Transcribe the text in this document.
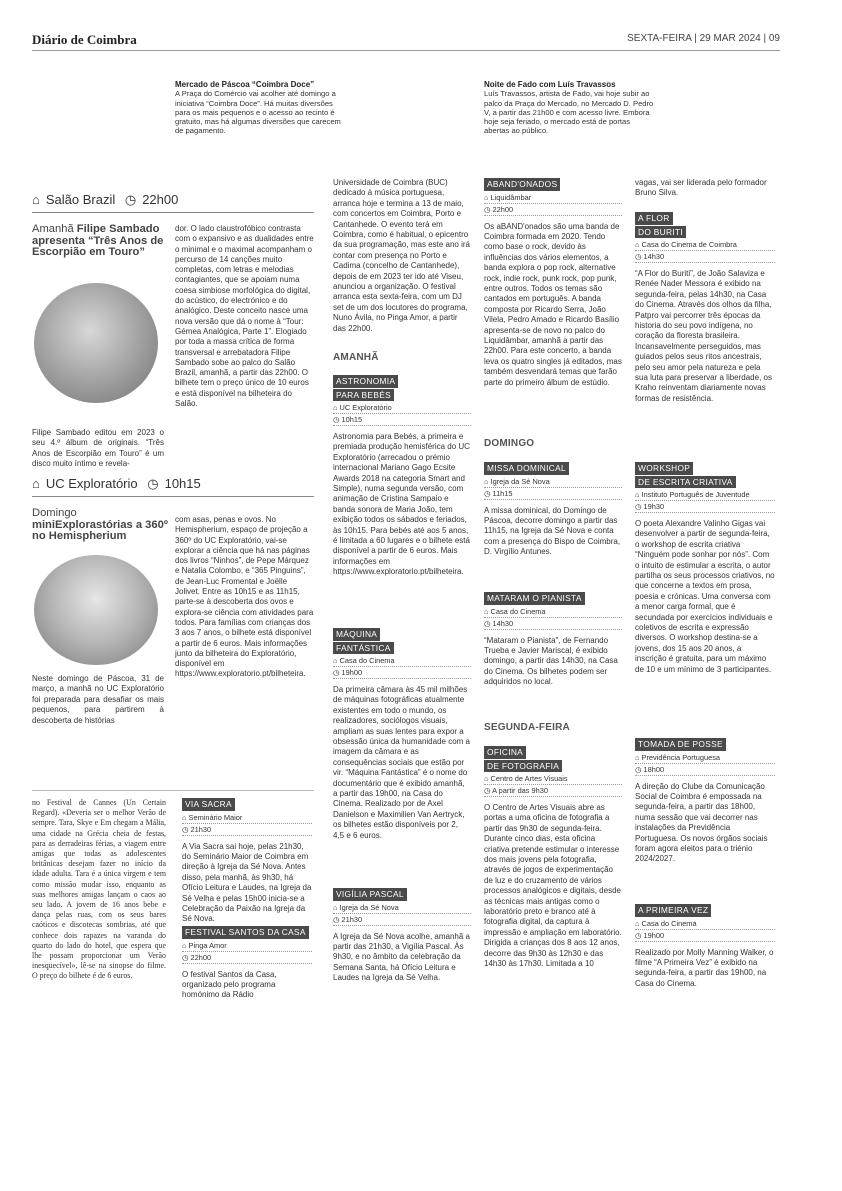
Diário de Coimbra	SEXTA-FEIRA | 29 MAR 2024 | 09
Mercado de Páscoa “Coimbra Doce”
A Praça do Comércio vai acolher até domingo a iniciativa “Coimbra Doce”. Há muitas diversões para os mais pequenos e o acesso ao recinto é gratuito, mas há algumas diversões que carecem de pagamento.
Noite de Fado com Luís Travassos
Luís Travassos, artista de Fado, vai hoje subir ao palco da Praça do Mercado, no Mercado D. Pedro V, a partir das 21h00 e com acesso livre. Embora hoje seja feriado, o mercado está de portas abertas ao público.
⌂ Salão Brazil ◷ 22h00
Amanhã Filipe Sambado apresenta “Três Anos de Escorpião em Touro”
Filipe Sambado editou em 2023 o seu 4.º álbum de originais. “Três Anos de Escorpião em Touro” é um disco muito íntimo e revela-
dor. O lado claustrofóbico contrasta com o expansivo e as dualidades entre o minimal e o maximal acompanham o percurso de 14 canções muito completas, com letras e melodias contagiantes, que se apoiam numa coesa simbiose morfológica do digital, do acústico, do electrónico e do analógico. Deste conceito nasce uma nova versão que dá o nome à “Tour: Gémea Analógica, Parte 1”. Elogiado por toda a massa crítica de forma transversal e arrebatadora Filipe Sambado sobe ao palco do Salão Brazil, amanhã, a partir das 22h00. O bilhete tem o preço único de 10 euros e está disponível na bilheteira do Salão.
⌂ UC Exploratório ◷ 10h15
Domingo
miniExplorastórias a 360º no Hemispherium
Neste domingo de Páscoa, 31 de março, a manhã no UC Exploratório foi preparada para desafiar os mais pequenos, para partirem à descoberta de histórias
com asas, penas e ovos. No Hemispherium, espaço de projeção a 360º do UC Exploratório, vai-se explorar a ciência que há nas páginas dos livros “Ninhos”, de Pepe Márquez e Natalia Colombo, e “365 Pinguins”, de Jean-Luc Fromental e Joëlle Jolivet. Entre as 10h15 e as 11h15, parte-se à descoberta dos ovos e explora-se ciência com atividades para todos. Para famílias com crianças dos 3 aos 7 anos, o bilhete está disponível a partir de 6 euros. Mais informações junto da bilheteira do Exploratório, disponível em https://www.exploratorio.pt/bilheteira.
no Festival de Cannes (Un Certain Regard). «Deveria ser o melhor Verão de sempre. Tara, Skye e Em chegam a Mália, uma cidade na Grécia cheia de festas, para as derradeiras férias, a viagem entre amigas que todas as adolescentes britânicas desejam fazer no início da idade adulta. Tara é a única virgem e tem como missão mudar isso, enquanto as suas melhores amigas lançam o caos ao seu lado. A jovem de 16 anos bebe e dança pelas ruas, com os seus bares caóticos e discotecas sombrias, até que conhece dois rapazes na varanda do quarto do lado do hotel, que espera que lhe possam proporcionar um Verão inesquecível», lê-se na sinopse do filme. O preço do bilhete é de 6 euros.
VIA SACRA
⌂ Seminário Maior
◷ 21h30
A Via Sacra sai hoje, pelas 21h30, do Seminário Maior de Coimbra em direção à Igreja da Sé Nova. Antes disso, pela manhã, às 9h30, há Ofício Leitura e Laudes, na Igreja da Sé Velha e pelas 15h00 inicia-se a Celebração da Paixão na Igreja da Sé Nova.
FESTIVAL SANTOS DA CASA
⌂ Pinga Amor
◷ 22h00
O festival Santos da Casa, organizado pelo programa homónimo da Rádio
Universidade de Coimbra (BUC) dedicado à música portuguesa, arranca hoje e termina a 13 de maio, com concertos em Coimbra, Porto e Cantanhede. O evento terá em Coimbra, como é habitual, o epicentro da sua programação, mas este ano irá contar com presença no Porto e Cadima (concelho de Cantanhede), depois de em 2023 ter ido até Viseu, anunciou a organização. O festival arranca esta sexta-feira, com um DJ set de um dos locutores do programa, Nuno Ávila, no Pinga Amor, a partir das 22h00.
AMANHÃ
ASTRONOMIA
PARA BEBÉS
⌂ UC Exploratório
◷ 10h15
Astronomia para Bebés, a primeira e premiada produção hemisférica do UC Exploratório (arrecadou o prémio internacional Mariano Gago Ecsite Awards 2018 na categoria Smart and Simple), numa segunda versão, com animação de Cristina Sampaio e banda sonora de Maria João, tem exibição todos os sábados e feriados, às 10h15. Para bebés até aos 5 anos, é limitada a 60 lugares e o bilhete está disponível a partir de 6 euros. Mais informações em https://www.exploratorio.pt/bilheteira.
MÁQUINA
FANTÁSTICA
⌂ Casa do Cinema
◷ 19h00
Da primeira câmara às 45 mil milhões de máquinas fotográficas atualmente existentes em todo o mundo, os realizadores, sociólogos visuais, ampliam as suas lentes para expor a obsessão única da humanidade com a imagem da câmara e as consequências sociais que estão por vir. “Máquina Fantástica” é o nome do documentário que é exibido amanhã, a partir das 19h00, na Casa do Cinema. Realizado por de Axel Danielson e Maximilien Van Aertryck, os bilhetes estão disponíveis por 2, 4,5 e 6 euros.
VIGÍLIA PASCAL
⌂ Igreja da Sé Nova
◷ 21h30
A Igreja da Sé Nova acolhe, amanhã a partir das 21h30, a Vigília Pascal. Às 9h30, e no âmbito da celebração da Semana Santa, há Ofício Leitura e Laudes na Igreja da Sé Velha.
ABAND'ONADOS
⌂ Liquidâmbar
◷ 22h00
Os aBAND'onados são uma banda de Coimbra formada em 2020. Tendo como base o rock, devido às influências dos vários elementos, a banda explora o pop rock, alternative rock, indie rock, punk rock, pop punk, entre outros. Todos os temas são cantados em português. A banda composta por Ricardo Serra, João Vilela, Pedro Amado e Ricardo Basílio apresenta-se de novo no palco do Liquidâmbar, amanhã a partir das 22h00. Para este concerto, a banda leva os quatro singles já editados, mas também desvendará temas que farão parte do primeiro álbum de estúdio.
DOMINGO
MISSA DOMINICAL
⌂ Igreja da Sé Nova
◷ 11h15
A missa dominical, do Domingo de Páscoa, decorre domingo a partir das 11h15, na Igreja da Sé Nova e conta com a presença do Bispo de Coimbra, D. Virgílio Antunes.
MATARAM O PIANISTA
⌂ Casa do Cinema
◷ 14h30
“Mataram o Pianista”, de Fernando Trueba e Javier Mariscal, é exibido domingo, a partir das 14h30, na Casa do Cinema. Os bilhetes podem ser adquiridos no local.
SEGUNDA-FEIRA
OFICINA
DE FOTOGRAFIA
⌂ Centro de Artes Visuais
◷ A partir das 9h30
O Centro de Artes Visuais abre as portas a uma oficina de fotografia a partir das 9h30 de segunda-feira. Durante cinco dias, esta oficina criativa pretende estimular o interesse dos mais jovens pela fotografia, através de jogos de experimentação de luz e do cruzamento de vários processos analógicos e digitais, desde as técnicas mais antigas como o laboratório preto e branco até à fotografia digital, da captura à impressão e ampliação em laboratório. Dirigida a crianças dos 8 aos 12 anos, decorre das 9h30 às 12h30 e das 14h30 às 17h30. Limitada a 10
vagas, vai ser liderada pelo formador Bruno Silva.
A FLOR
DO BURITI
⌂ Casa do Cinema de Coimbra
◷ 14h30
“A Flor do Buriti”, de João Salaviza e Renée Nader Messora é exibido na segunda-feira, pelas 14h30, na Casa do Cinema. Através dos olhos da filha, Patpro vai percorrer três épocas da historia do seu povo indígena, no coração da floresta brasileira. Incansavelmente perseguidos, mas guiados pelos seus ritos ancestrais, pelo seu amor pela natureza e pela sua luta para preservar a liberdade, os Kraho reinventam diariamente novas formas de resistência.
WORKSHOP
DE ESCRITA CRIATIVA
⌂ Instituto Português de Juventude
◷ 19h30
O poeta Alexandre Valinho Gigas vai desenvolver a partir de segunda-feira, o workshop de escrita criativa “Ninguém pode sonhar por nós”. Com o intuito de estimular a escrita, o autor partilha os seus processos criativos, no que concerne a textos em prosa, poesia e crónicas. Uma conversa com a menor carga formal, que é secundada por exercícios individuais e coletivos de escrita e expressão diversos. O workshop destina-se a jovens, dos 15 aos 20 anos, a inscrição é gratuita, para um máximo de 10 e um mínimo de 3 participantes.
TOMADA DE POSSE
⌂ Previdência Portuguesa
◷ 18h00
A direção do Clube da Comunicação Social de Coimbra é empossada na segunda-feira, a partir das 18h00, numa sessão que vai decorrer nas instalações da Previdência Portuguesa. Os novos órgãos sociais foram agora eleitos para o triénio 2024/2027.
A PRIMEIRA VEZ
⌂ Casa do Cinema
◷ 19h00
Realizado por Molly Manning Walker, o filme “A Primeira Vez” é exibido na segunda-feira, a partir das 19h00, na Casa do Cinema.
